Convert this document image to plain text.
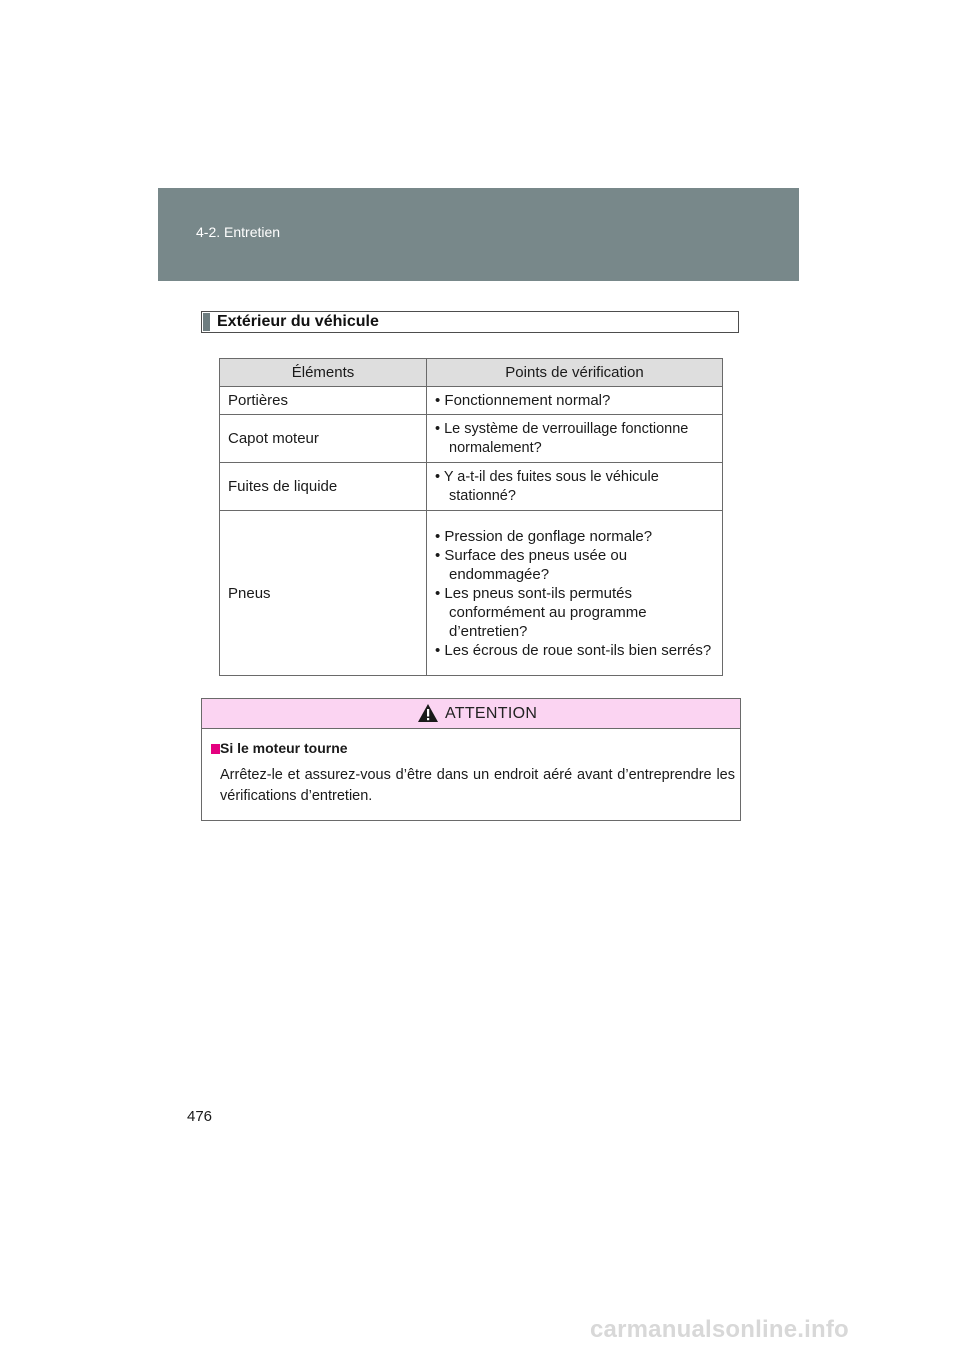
4-2. Entretien
Extérieur du véhicule
Éléments	Points de vérification
Portières	• Fonctionnement normal?

Capot moteur	• Le système de verrouillage fonctionne normalement?

Fuites de liquide	• Y a-t-il des fuites sous le véhicule stationné?

Pneus	• Pression de gonflage normale?
• Surface des pneus usée ou endommagée?
• Les pneus sont-ils permutés conformément au programme d’entretien?
• Les écrous de roue sont-ils bien serrés?
ATTENTION
Si le moteur tourne
Arrêtez-le et assurez-vous d’être dans un endroit aéré avant d’entreprendre les vérifications d’entretien.
476
carmanualsonline.info
